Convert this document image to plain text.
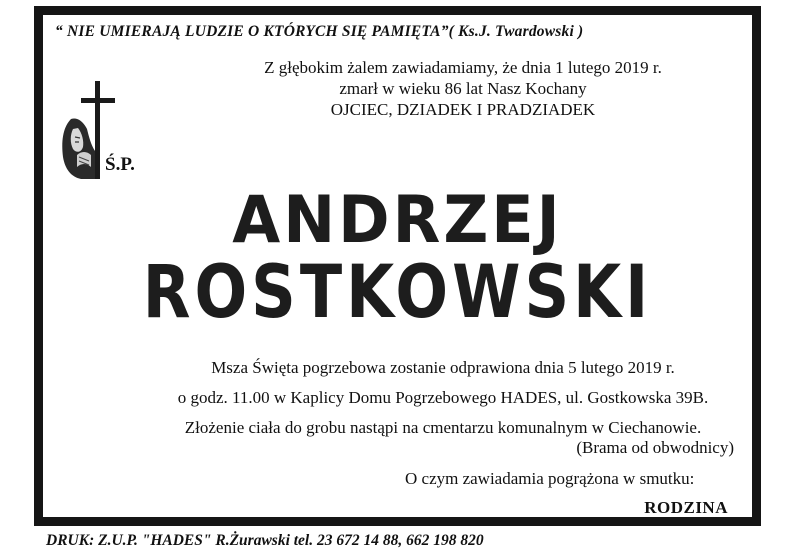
“ NIE UMIERAJĄ LUDZIE O KTÓRYCH SIĘ PAMIĘTA”( Ks.J. Twardowski )
Z głębokim żalem zawiadamiamy, że dnia 1 lutego 2019 r.
zmarł w wieku 86 lat Nasz Kochany
OJCIEC, DZIADEK I PRADZIADEK
Ś.P.
ANDRZEJ
ROSTKOWSKI
Msza Święta pogrzebowa zostanie odprawiona dnia 5 lutego 2019 r.
o godz. 11.00 w Kaplicy Domu Pogrzebowego HADES, ul. Gostkowska 39B.
Złożenie ciała do grobu nastąpi na cmentarzu komunalnym w Ciechanowie.
(Brama od obwodnicy)
O czym zawiadamia pogrążona w smutku:
RODZINA
DRUK: Z.U.P. "HADES" R.Żurawski tel. 23 672 14 88, 662 198 820
